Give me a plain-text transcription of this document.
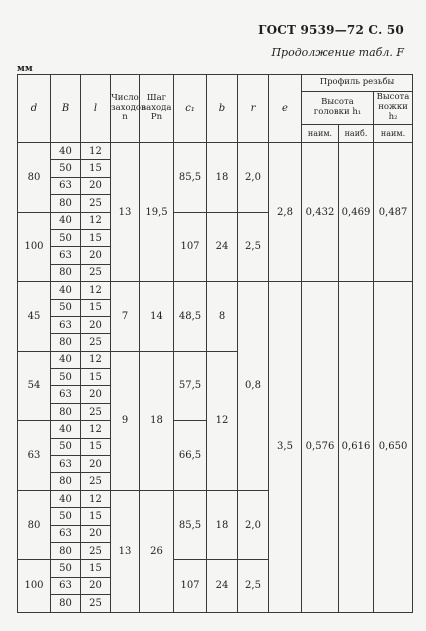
ГОСТ 9539—72 С. 50
Продолжение табл. F
мм
d	B	l	Число заходов n	Шаг захода Pn	c₁	b	r	e	Профиль резьбы		
									Высота головки h₁		Высота ножки h₂
									наим.	наиб.	наим.
80	40	12	13	19,5	85,5	18	2,0	2,8	0,432	0,469	0,487
	50	15									
	63	20									
	80	25									
100	40	12			107	24	2,5				
	50	15									
	63	20									
	80	25									
45	40	12	7	14	48,5	8	0,8	3,5	0,576	0,616	0,650
	50	15									
	63	20									
	80	25									
54	40	12	9	18	57,5	12					
	50	15									
	63	20									
	80	25									
63	40	12			66,5						
	50	15									
	63	20									
	80	25									
80	40	12	13	26	85,5	18	2,0				
	50	15									
	63	20									
	80	25									
100	50	15			107	24	2,5				
	63	20									
	80	25									
